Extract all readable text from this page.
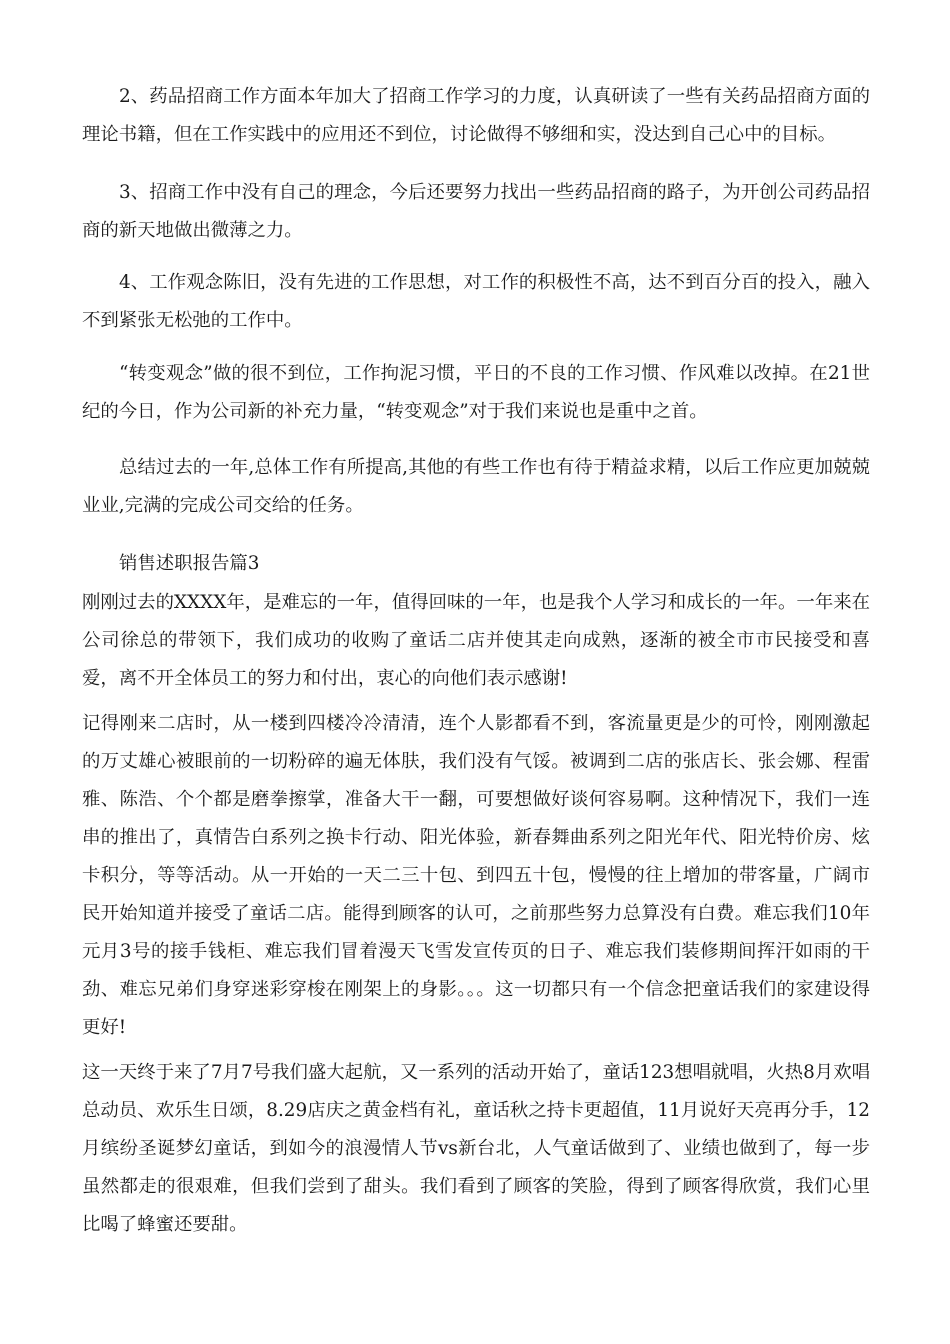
2、药品招商工作方面本年加大了招商工作学习的力度，认真研读了一些有关药品招商方面的理论书籍，但在工作实践中的应用还不到位，讨论做得不够细和实，没达到自己心中的目标。

3、招商工作中没有自己的理念，今后还要努力找出一些药品招商的路子，为开创公司药品招商的新天地做出微薄之力。

4、工作观念陈旧，没有先进的工作思想，对工作的积极性不高，达不到百分百的投入，融入不到紧张无松弛的工作中。

“转变观念”做的很不到位，工作拘泥习惯，平日的不良的工作习惯、作风难以改掉。在21世纪的今日，作为公司新的补充力量，“转变观念”对于我们来说也是重中之首。

总结过去的一年,总体工作有所提高,其他的有些工作也有待于精益求精，以后工作应更加兢兢业业,完满的完成公司交给的任务。

销售述职报告篇3

刚刚过去的XXXX年，是难忘的一年，值得回味的一年，也是我个人学习和成长的一年。一年来在公司徐总的带领下，我们成功的收购了童话二店并使其走向成熟，逐渐的被全市市民接受和喜爱，离不开全体员工的努力和付出，衷心的向他们表示感谢!

记得刚来二店时，从一楼到四楼冷冷清清，连个人影都看不到，客流量更是少的可怜，刚刚激起的万丈雄心被眼前的一切粉碎的遍无体肤，我们没有气馁。被调到二店的张店长、张会娜、程雷雅、陈浩、个个都是磨拳擦掌，准备大干一翻，可要想做好谈何容易啊。这种情况下，我们一连串的推出了，真情告白系列之换卡行动、阳光体验，新春舞曲系列之阳光年代、阳光特价房、炫卡积分，等等活动。从一开始的一天二三十包、到四五十包，慢慢的往上增加的带客量，广阔市民开始知道并接受了童话二店。能得到顾客的认可，之前那些努力总算没有白费。难忘我们10年元月3号的接手钱柜、难忘我们冒着漫天飞雪发宣传页的日子、难忘我们装修期间挥汗如雨的干劲、难忘兄弟们身穿迷彩穿梭在刚架上的身影。。。这一切都只有一个信念把童话我们的家建设得更好!

这一天终于来了7月7号我们盛大起航，又一系列的活动开始了，童话123想唱就唱，火热8月欢唱总动员、欢乐生日颂，8.29店庆之黄金档有礼，童话秋之持卡更超值，11月说好天亮再分手，12月缤纷圣诞梦幻童话，到如今的浪漫情人节vs新台北，人气童话做到了、业绩也做到了，每一步虽然都走的很艰难，但我们尝到了甜头。我们看到了顾客的笑脸，得到了顾客得欣赏，我们心里比喝了蜂蜜还要甜。
